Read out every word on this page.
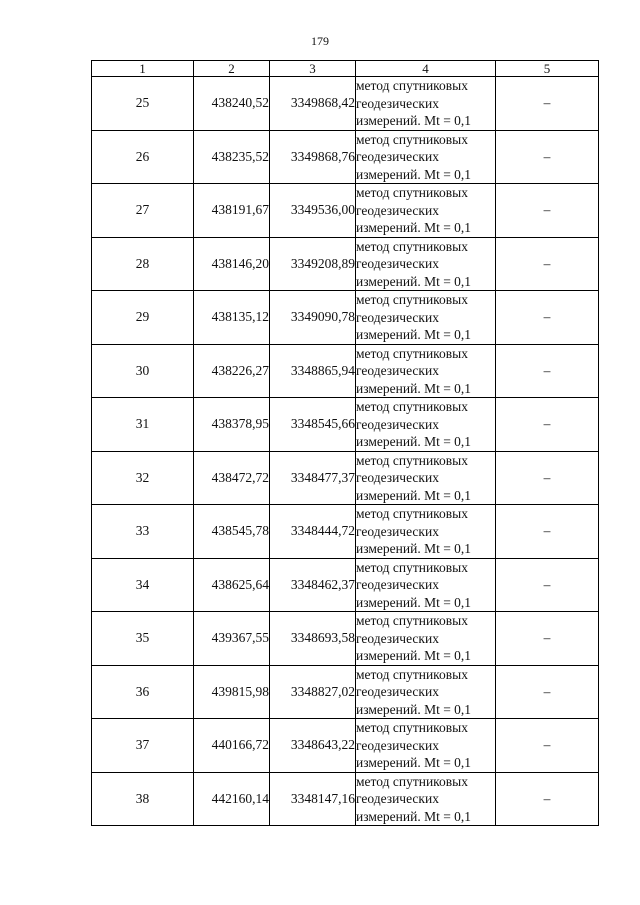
179
1	2	3	4	5
25	438240,52	3349868,42	метод спутниковых
геодезических
измерений. Mt = 0,1	–
26	438235,52	3349868,76	метод спутниковых
геодезических
измерений. Mt = 0,1	–
27	438191,67	3349536,00	метод спутниковых
геодезических
измерений. Mt = 0,1	–
28	438146,20	3349208,89	метод спутниковых
геодезических
измерений. Mt = 0,1	–
29	438135,12	3349090,78	метод спутниковых
геодезических
измерений. Mt = 0,1	–
30	438226,27	3348865,94	метод спутниковых
геодезических
измерений. Mt = 0,1	–
31	438378,95	3348545,66	метод спутниковых
геодезических
измерений. Mt = 0,1	–
32	438472,72	3348477,37	метод спутниковых
геодезических
измерений. Mt = 0,1	–
33	438545,78	3348444,72	метод спутниковых
геодезических
измерений. Mt = 0,1	–
34	438625,64	3348462,37	метод спутниковых
геодезических
измерений. Mt = 0,1	–
35	439367,55	3348693,58	метод спутниковых
геодезических
измерений. Mt = 0,1	–
36	439815,98	3348827,02	метод спутниковых
геодезических
измерений. Mt = 0,1	–
37	440166,72	3348643,22	метод спутниковых
геодезических
измерений. Mt = 0,1	–
38	442160,14	3348147,16	метод спутниковых
геодезических
измерений. Mt = 0,1	–
